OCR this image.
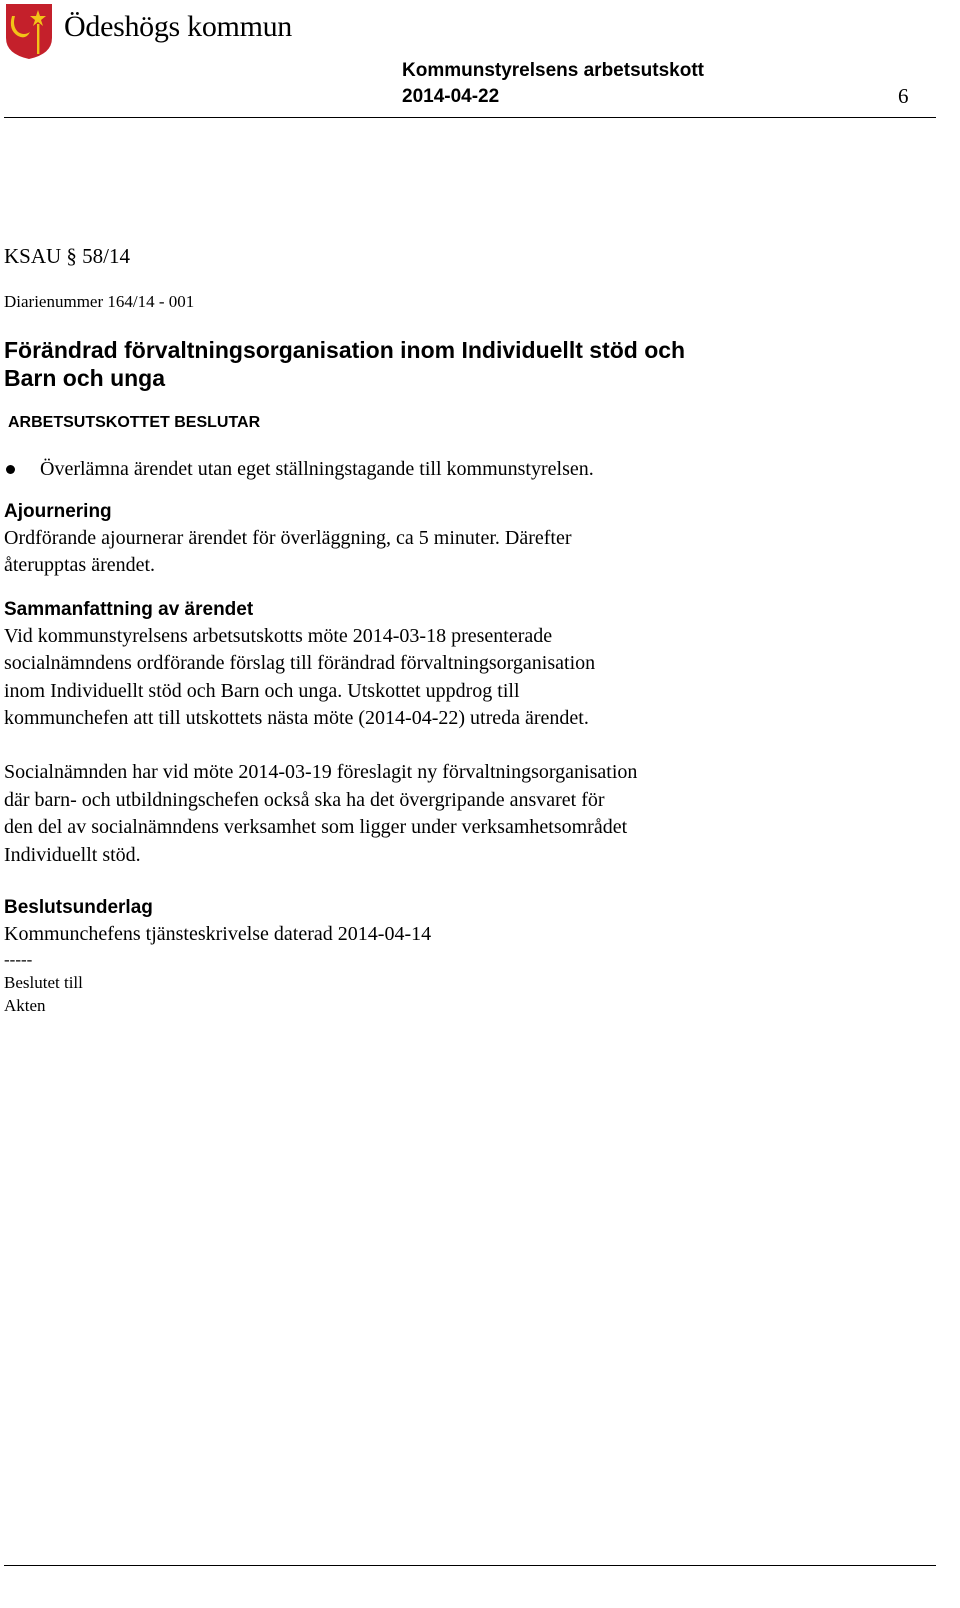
Ödeshögs kommun
Kommunstyrelsens arbetsutskott
2014-04-22	6

KSAU § 58/14

Diarienummer 164/14 - 001

Förändrad förvaltningsorganisation inom Individuellt stöd och
Barn och unga
ARBETSUTSKOTTET BESLUTAR
Överlämna ärendet utan eget ställningstagande till kommunstyrelsen.

Ajournering

Ordförande ajournerar ärendet för överläggning, ca 5 minuter. Därefter

återupptas ärendet.

Sammanfattning av ärendet

Vid kommunstyrelsens arbetsutskotts möte 2014-03-18 presenterade

socialnämndens ordförande förslag till förändrad förvaltningsorganisation

inom Individuellt stöd och Barn och unga. Utskottet uppdrog till

kommunchefen att till utskottets nästa möte (2014-04-22) utreda ärendet.

Socialnämnden har vid möte 2014-03-19 föreslagit ny förvaltningsorganisation

där barn- och utbildningschefen också ska ha det övergripande ansvaret för

den del av socialnämndens verksamhet som ligger under verksamhetsområdet

Individuellt stöd.

Beslutsunderlag

Kommunchefens tjänsteskrivelse daterad 2014-04-14

-----

Beslutet till

Akten
